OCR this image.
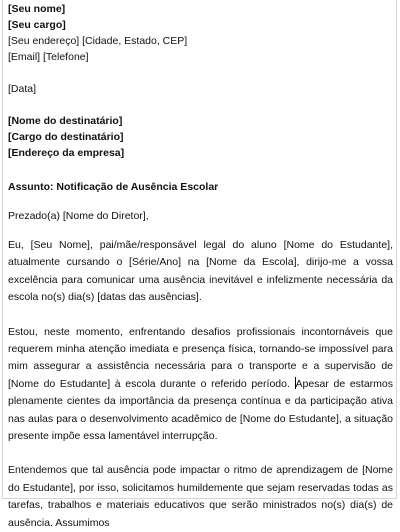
[Seu nome]
[Seu cargo]
[Seu endereço] [Cidade, Estado, CEP]
[Email] [Telefone]
[Data]
[Nome do destinatário]
[Cargo do destinatário]
[Endereço da empresa]
Assunto: Notificação de Ausência Escolar
Prezado(a) [Nome do Diretor],

Eu, [Seu Nome], pai/mãe/responsável legal do aluno [Nome do Estudante], atualmente cursando o [Série/Ano] na [Nome da Escola], dirijo-me a vossa excelência para comunicar uma ausência inevitável e infelizmente necessária da escola no(s) dia(s) [datas das ausências].

Estou, neste momento, enfrentando desafios profissionais incontornáveis que requerem minha atenção imediata e presença física, tornando-se impossível para mim assegurar a assistência necessária para o transporte e a supervisão de [Nome do Estudante] à escola durante o referido período. Apesar de estarmos plenamente cientes da importância da presença contínua e da participação ativa nas aulas para o desenvolvimento acadêmico de [Nome do Estudante], a situação presente impõe essa lamentável interrupção.

Entendemos que tal ausência pode impactar o ritmo de aprendizagem de [Nome do Estudante], por isso, solicitamos humildemente que sejam reservadas todas as tarefas, trabalhos e materiais educativos que serão ministrados no(s) dia(s) de ausência. Assumimos
